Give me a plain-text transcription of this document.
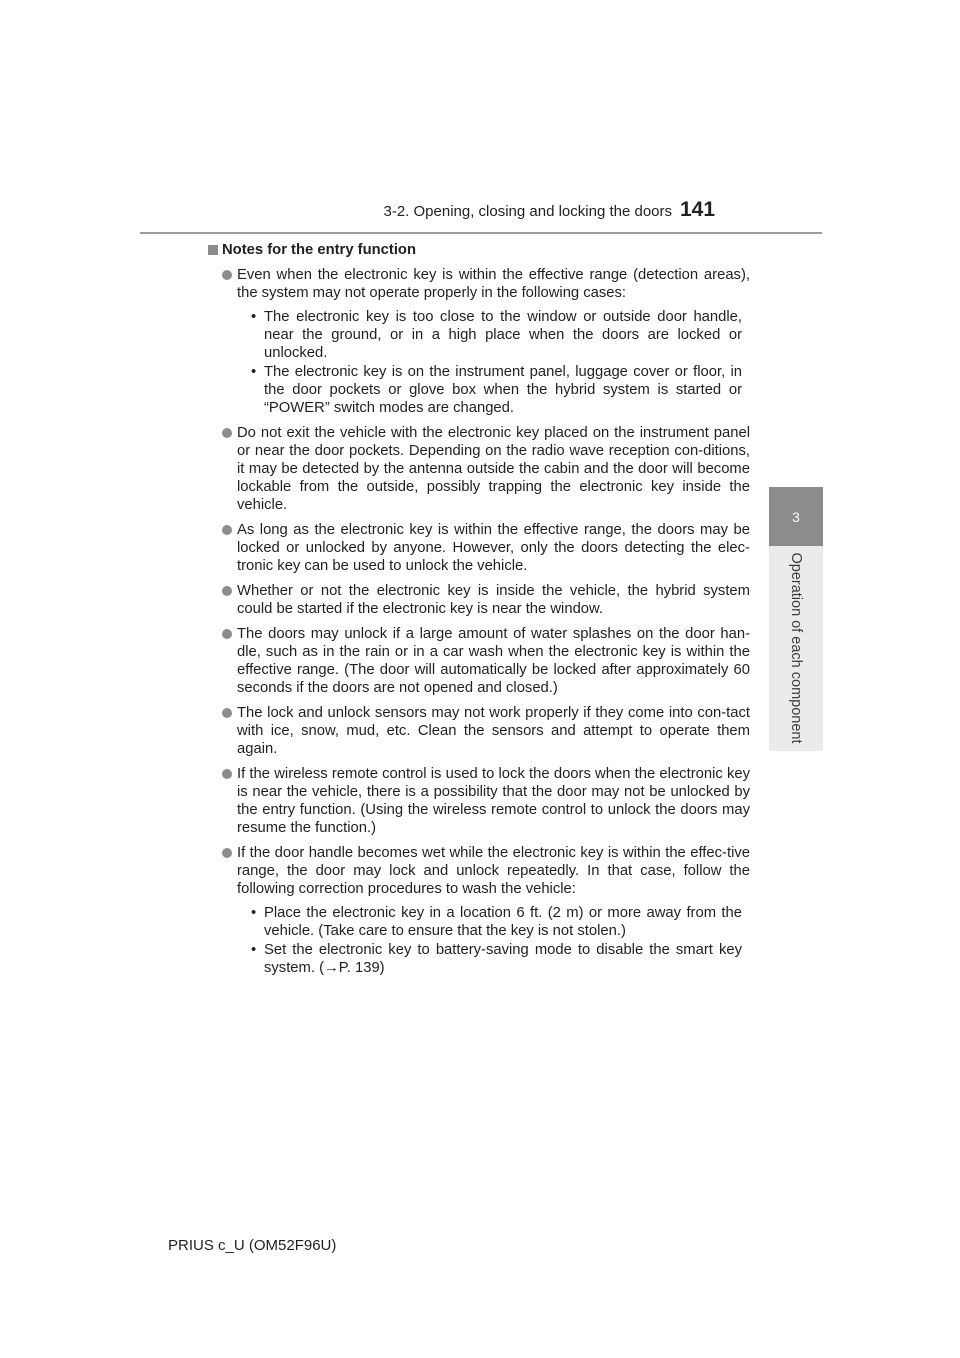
3-2. Opening, closing and locking the doors 141
3
Operation of each component
Notes for the entry function
Even when the electronic key is within the effective range (detection areas), the system may not operate properly in the following cases:
• The electronic key is too close to the window or outside door handle, near the ground, or in a high place when the doors are locked or unlocked.
• The electronic key is on the instrument panel, luggage cover or floor, in the door pockets or glove box when the hybrid system is started or “POWER” switch modes are changed.
Do not exit the vehicle with the electronic key placed on the instrument panel or near the door pockets. Depending on the radio wave reception con-ditions, it may be detected by the antenna outside the cabin and the door will become lockable from the outside, possibly trapping the electronic key inside the vehicle.
As long as the electronic key is within the effective range, the doors may be locked or unlocked by anyone. However, only the doors detecting the elec-tronic key can be used to unlock the vehicle.
Whether or not the electronic key is inside the vehicle, the hybrid system could be started if the electronic key is near the window.
The doors may unlock if a large amount of water splashes on the door han-dle, such as in the rain or in a car wash when the electronic key is within the effective range. (The door will automatically be locked after approximately 60 seconds if the doors are not opened and closed.)
The lock and unlock sensors may not work properly if they come into con-tact with ice, snow, mud, etc. Clean the sensors and attempt to operate them again.
If the wireless remote control is used to lock the doors when the electronic key is near the vehicle, there is a possibility that the door may not be unlocked by the entry function. (Using the wireless remote control to unlock the doors may resume the function.)
If the door handle becomes wet while the electronic key is within the effec-tive range, the door may lock and unlock repeatedly. In that case, follow the following correction procedures to wash the vehicle:
• Place the electronic key in a location 6 ft. (2 m) or more away from the vehicle. (Take care to ensure that the key is not stolen.)
• Set the electronic key to battery-saving mode to disable the smart key system. (→P. 139)
PRIUS c_U (OM52F96U)
